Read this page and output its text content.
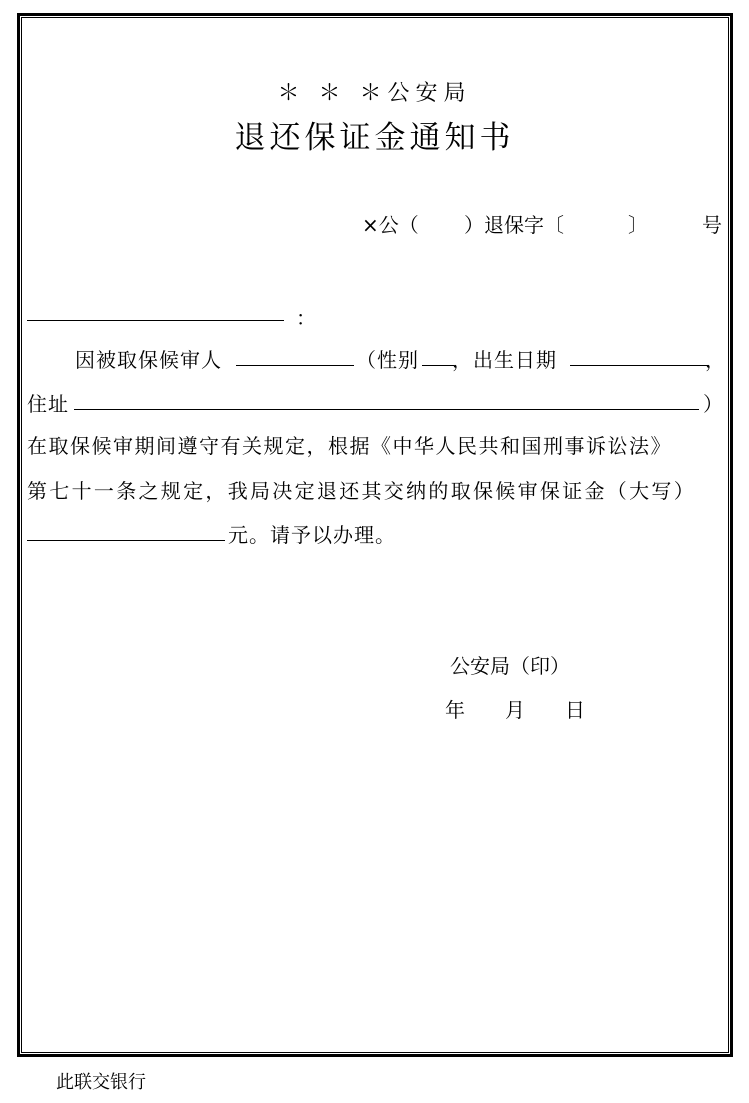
＊ ＊ ＊公安局
退还保证金通知书
×公（ ）退保字〔	〕	号
：
因被取保候审人	（性别 ，出生日期	，
住址	）
在取保候审期间遵守有关规定，根据《中华人民共和国刑事诉讼法》
第七十一条之规定，我局决定退还其交纳的取保候审保证金（大写）
元。请予以办理。
公安局（印）
年 月 日
此联交银行
